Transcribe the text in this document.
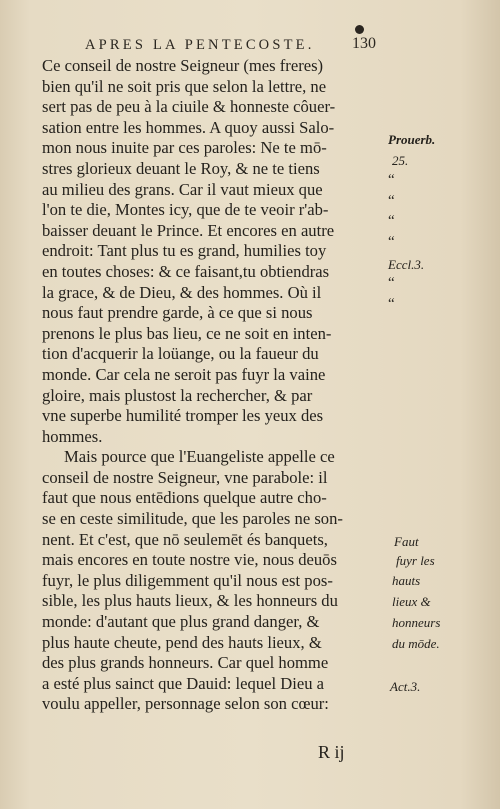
APRES LA PENTECOSTE.	130
Ce conseil de nostre Seigneur (mes freres)
bien qu'il ne soit pris que selon la lettre, ne
sert pas de peu à la ciuile & honneste côuer-
sation entre les hommes. A quoy aussi Salo-
mon nous inuite par ces paroles: Ne te mō-
stres glorieux deuant le Roy, & ne te tiens
au milieu des grans. Car il vaut mieux que
l'on te die, Montes icy, que de te veoir r'ab-
baisser deuant le Prince. Et encores en autre
endroit: Tant plus tu es grand, humilies toy
en toutes choses: & ce faisant,tu obtiendras
la grace, & de Dieu, & des hommes. Où il
nous faut prendre garde, à ce que si nous
prenons le plus bas lieu, ce ne soit en inten-
tion d'acquerir la loüange, ou la faueur du
monde. Car cela ne seroit pas fuyr la vaine
gloire, mais plustost la rechercher, & par
vne superbe humilité tromper les yeux des
hommes.
Mais pource que l'Euangeliste appelle ce
conseil de nostre Seigneur, vne parabole: il
faut que nous entēdions quelque autre cho-
se en ceste similitude, que les paroles ne son-
nent. Et c'est, que nō seulemēt és banquets,
mais encores en toute nostre vie, nous deuōs
fuyr, le plus diligemment qu'il nous est pos-
sible, les plus hauts lieux, & les honneurs du
monde: d'autant que plus grand danger, &
plus haute cheute, pend des hauts lieux, &
des plus grands honneurs. Car quel homme
a esté plus sainct que Dauid: lequel Dieu a
voulu appeller, personnage selon son cœur:
Prouerb.
25.
“
“
“
“
Eccl.3.
“
“
Faut
fuyr les
hauts
lieux &
honneurs
du mōde.
Act.3.
R ij
